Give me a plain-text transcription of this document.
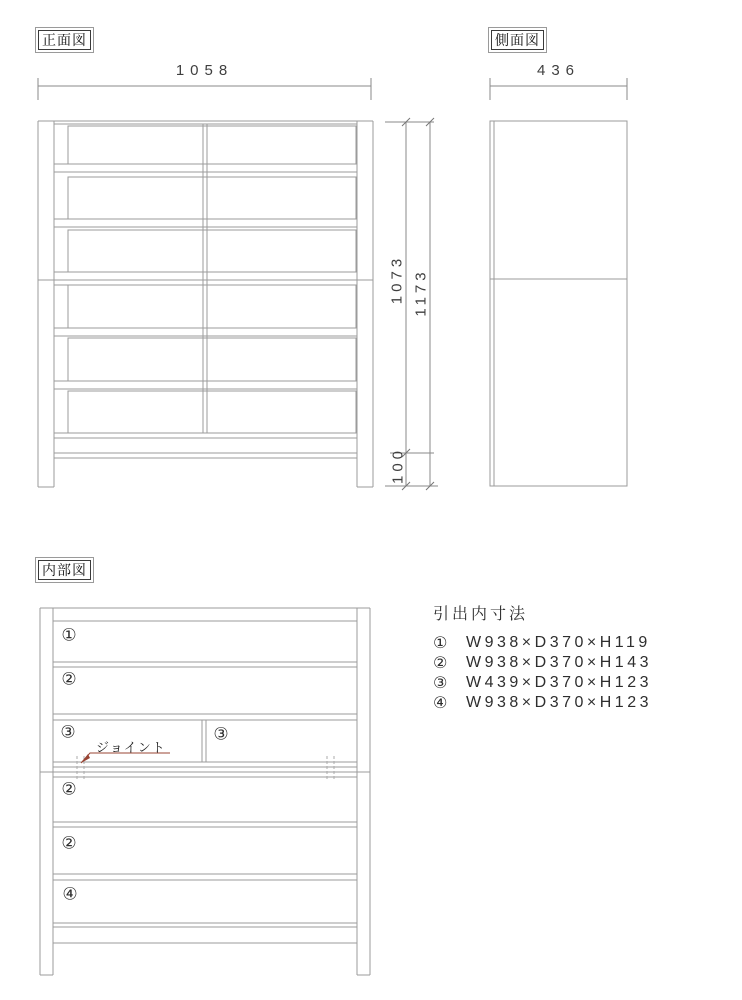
正面図	側面図
内部図
1058	436
1073 1173
100
①
②
③	③
②
②
④
ジョイント
引出内寸法
①	W938×D370×H119
②	W938×D370×H143
③	W439×D370×H123
④	W938×D370×H123
